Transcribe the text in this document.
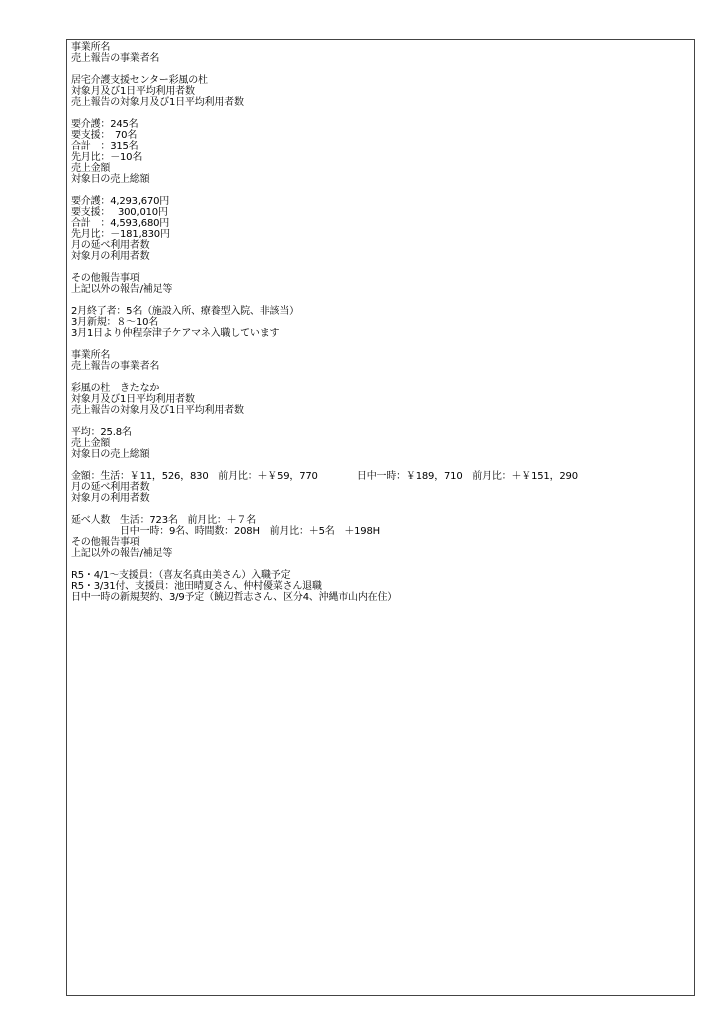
事業所名
売上報告の事業者名
居宅介護支援センター彩風の杜
対象月及び1日平均利用者数
売上報告の対象月及び1日平均利用者数
要介護：245名
要支援：　70名
合計　：315名
先月比：－10名
売上金額
対象日の売上総額
要介護：4,293,670円
要支援：　 300,010円
合計　：4,593,680円
先月比：－181,830円
月の延べ利用者数
対象月の利用者数
その他報告事項
上記以外の報告/補足等
2月終了者：5名（施設入所、療養型入院、非該当）
3月新規：８～10名
3月1日より仲程奈津子ケアマネ入職しています
事業所名
売上報告の事業者名
彩風の杜　きたなか
対象月及び1日平均利用者数
売上報告の対象月及び1日平均利用者数
平均：25.8名
売上金額
対象日の売上総額
金額：生活：￥11，526，830　前月比：＋￥59，770　　　　日中一時：￥189，710　前月比：＋￥151，290
月の延べ利用者数
対象月の利用者数
延べ人数　生活：723名　前月比：＋７名
　　　　　日中一時：9名、時間数：208H　前月比：＋5名　＋198H
その他報告事項
上記以外の報告/補足等
R5・4/1～支援員：（喜友名真由美さん）入職予定
R5・3/31付、支援員：池田晴夏さん、仲村優菜さん退職
日中一時の新規契約、3/9予定（饒辺哲志さん、区分4、沖縄市山内在住）
